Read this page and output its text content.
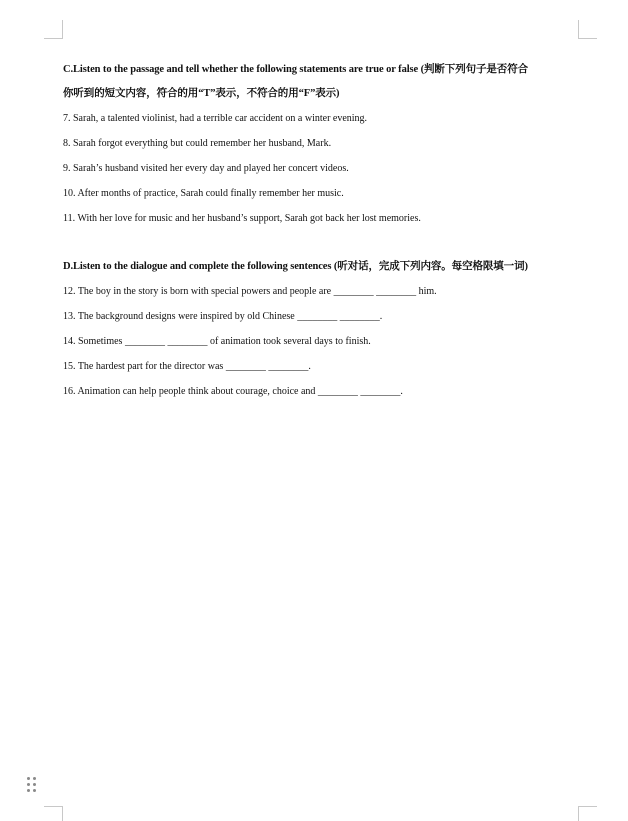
C.Listen to the passage and tell whether the following statements are true or false (判断下列句子是否符合

你听到的短文内容，符合的用“T”表示，不符合的用“F”表示)

7. Sarah, a talented violinist, had a terrible car accident on a winter evening.

8. Sarah forgot everything but could remember her husband, Mark.

9. Sarah’s husband visited her every day and played her concert videos.

10. After months of practice, Sarah could finally remember her music.

11. With her love for music and her husband’s support, Sarah got back her lost memories.

D.Listen to the dialogue and complete the following sentences (听对话，完成下列内容。每空格限填一词)

12. The boy in the story is born with special powers and people are ________ ________ him.

13. The background designs were inspired by old Chinese ________ ________.

14. Sometimes ________ ________ of animation took several days to finish.

15. The hardest part for the director was ________ ________.

16. Animation can help people think about courage, choice and ________ ________.
